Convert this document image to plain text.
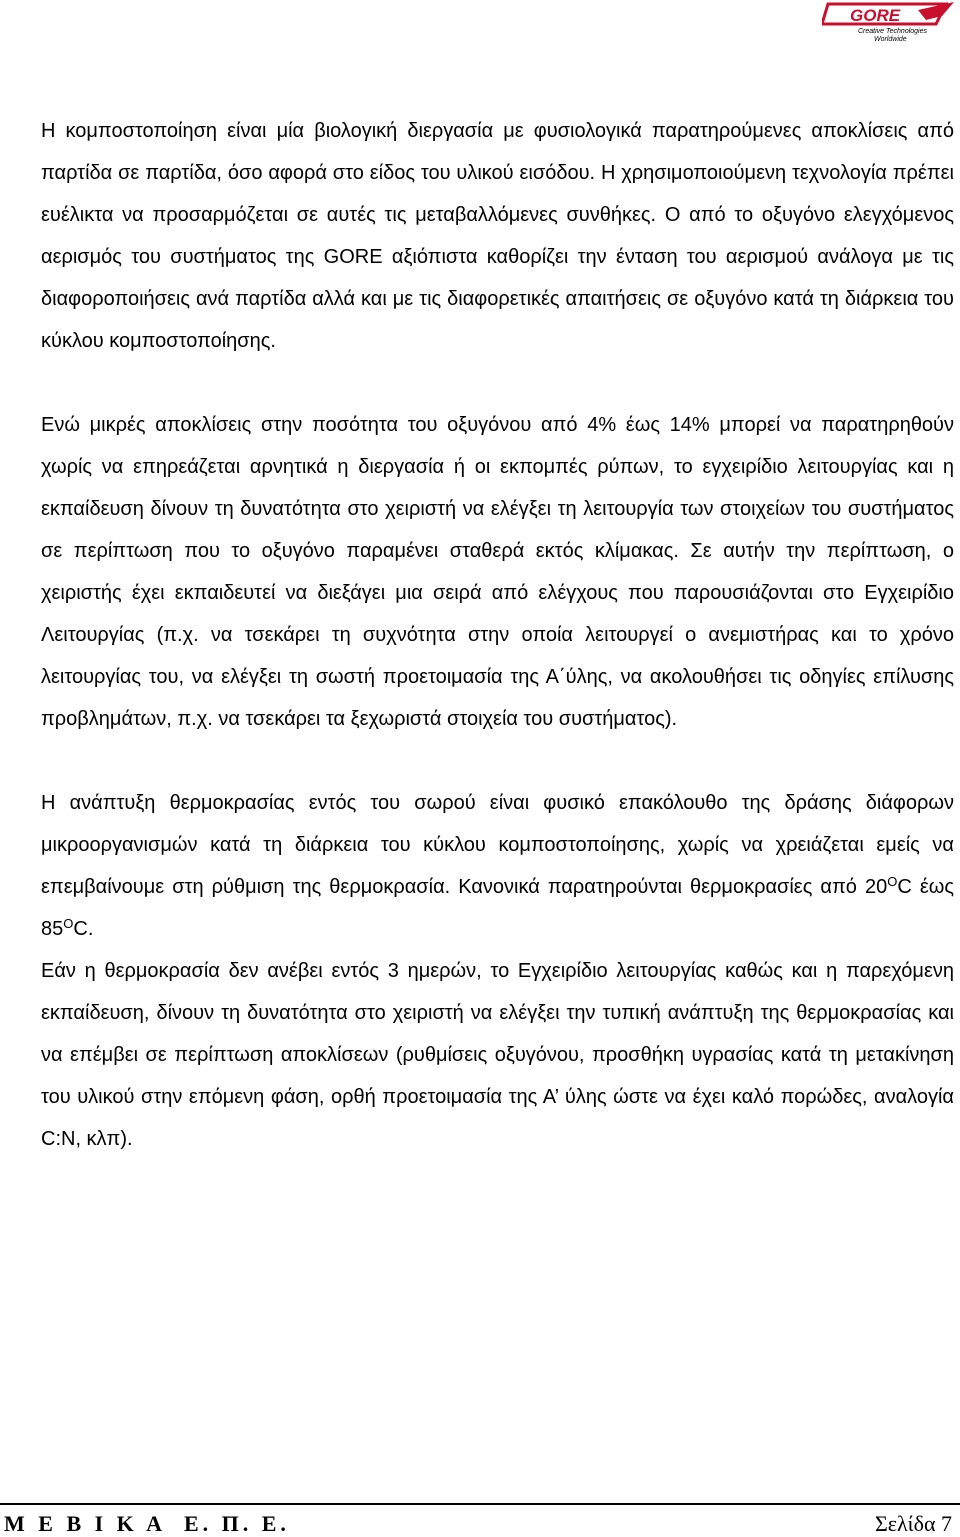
GORE
Creative Technologies
Worldwide

Η κομποστοποίηση είναι μία βιολογική διεργασία με φυσιολογικά παρατηρούμενες αποκλίσεις από παρτίδα σε παρτίδα, όσο αφορά στο είδος του υλικού εισόδου. Η χρησιμοποιούμενη τεχνολογία πρέπει ευέλικτα να προσαρμόζεται σε αυτές τις μεταβαλλόμενες συνθήκες. Ο από το οξυγόνο ελεγχόμενος αερισμός του συστήματος της GORE αξιόπιστα καθορίζει την ένταση του αερισμού ανάλογα με τις διαφοροποιήσεις ανά παρτίδα αλλά και με τις διαφορετικές απαιτήσεις σε οξυγόνο κατά τη διάρκεια του κύκλου κομποστοποίησης.

Ενώ μικρές αποκλίσεις στην ποσότητα του οξυγόνου από 4% έως 14% μπορεί να παρατηρηθούν χωρίς να επηρεάζεται αρνητικά η διεργασία ή οι εκπομπές ρύπων, το εγχειρίδιο λειτουργίας και η εκπαίδευση δίνουν τη δυνατότητα στο χειριστή να ελέγξει τη λειτουργία των στοιχείων του συστήματος σε περίπτωση που το οξυγόνο παραμένει σταθερά εκτός κλίμακας. Σε αυτήν την περίπτωση, ο χειριστής έχει εκπαιδευτεί να διεξάγει μια σειρά από ελέγχους που παρουσιάζονται στο Εγχειρίδιο Λειτουργίας (π.χ. να τσεκάρει τη συχνότητα στην οποία λειτουργεί ο ανεμιστήρας και το χρόνο λειτουργίας του, να ελέγξει τη σωστή προετοιμασία της Α΄ύλης, να ακολουθήσει τις οδηγίες επίλυσης προβλημάτων, π.χ. να τσεκάρει τα ξεχωριστά στοιχεία του συστήματος).

Η ανάπτυξη θερμοκρασίας εντός του σωρού είναι φυσικό επακόλουθο της δράσης διάφορων μικροοργανισμών κατά τη διάρκεια του κύκλου κομποστοποίησης, χωρίς να χρειάζεται εμείς να επεμβαίνουμε στη ρύθμιση της θερμοκρασία. Κανονικά παρατηρούνται θερμοκρασίες από $20^OC$ έως $85^OC$.

Εάν η θερμοκρασία δεν ανέβει εντός 3 ημερών, το Εγχειρίδιο λειτουργίας καθώς και η παρεχόμενη εκπαίδευση, δίνουν τη δυνατότητα στο χειριστή να ελέγξει την τυπική ανάπτυξη της θερμοκρασίας και να επέμβει σε περίπτωση αποκλίσεων (ρυθμίσεις οξυγόνου, προσθήκη υγρασίας κατά τη μετακίνηση του υλικού στην επόμενη φάση, ορθή προετοιμασία της Α’ ύλης ώστε να έχει καλό πορώδες, αναλογία C:N, κλπ).

Μ Ε Β Ι Κ Α Ε. Π. Ε.	Σελίδα 7
